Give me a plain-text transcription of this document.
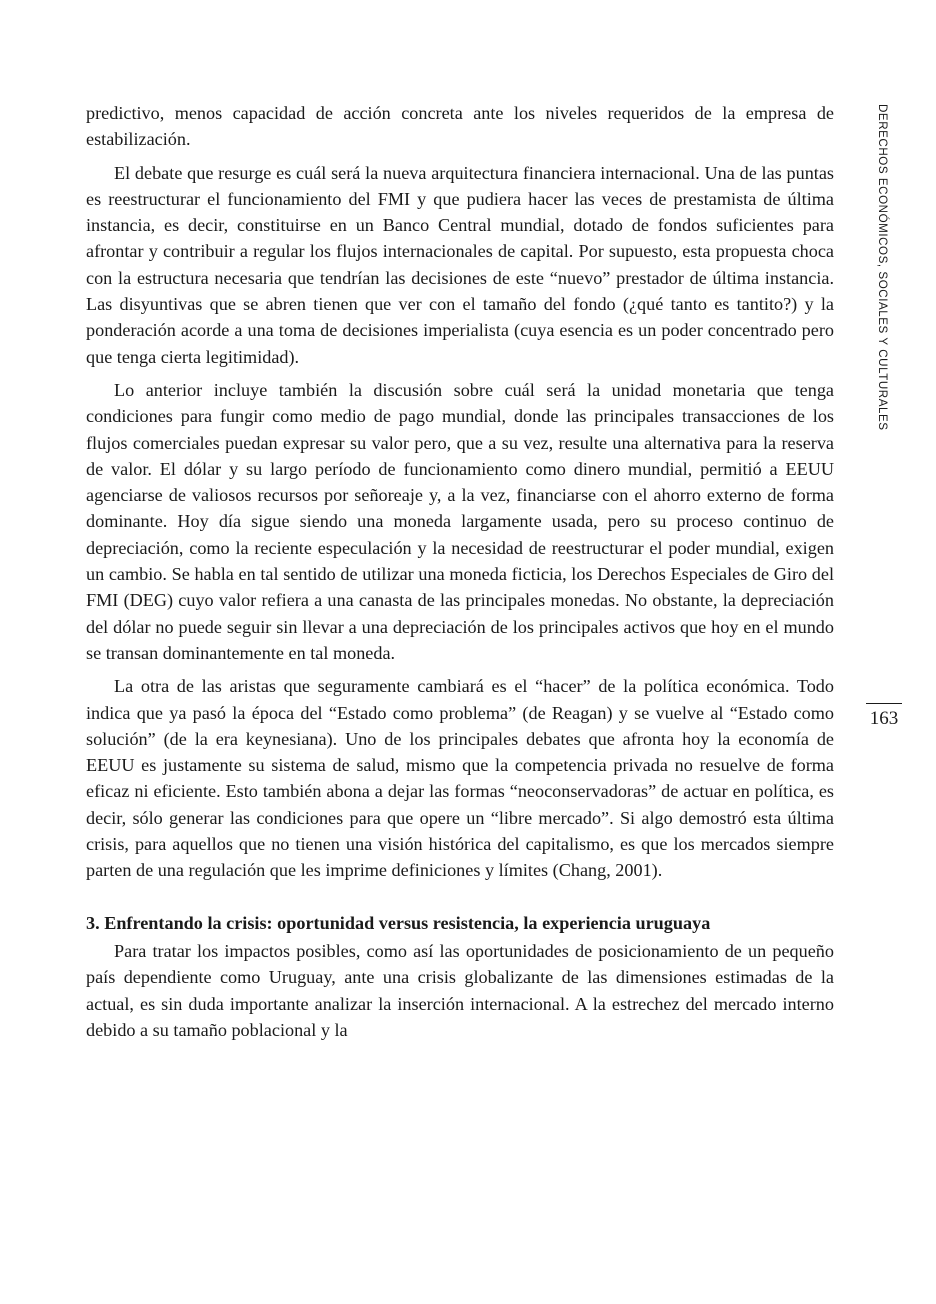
predictivo, menos capacidad de acción concreta ante los niveles requeridos de la empresa de estabilización.

El debate que resurge es cuál será la nueva arquitectura financiera internacional. Una de las puntas es reestructurar el funcionamiento del FMI y que pudiera hacer las veces de prestamista de última instancia, es decir, constituirse en un Banco Central mundial, dotado de fondos suficientes para afrontar y contribuir a regular los flujos internacionales de capital. Por supuesto, esta propuesta choca con la estructura necesaria que tendrían las decisiones de este “nuevo” prestador de última instancia. Las disyuntivas que se abren tienen que ver con el tamaño del fondo (¿qué tanto es tantito?) y la ponderación acorde a una toma de decisiones imperialista (cuya esencia es un poder concentrado pero que tenga cierta legitimidad).

Lo anterior incluye también la discusión sobre cuál será la unidad monetaria que tenga condiciones para fungir como medio de pago mundial, donde las principales transacciones de los flujos comerciales puedan expresar su valor pero, que a su vez, resulte una alternativa para la reserva de valor. El dólar y su largo período de funcionamiento como dinero mundial, permitió a EEUU agenciarse de valiosos recursos por señoreaje y, a la vez, financiarse con el ahorro externo de forma dominante. Hoy día sigue siendo una moneda largamente usada, pero su proceso continuo de depreciación, como la reciente especulación y la necesidad de reestructurar el poder mundial, exigen un cambio. Se habla en tal sentido de utilizar una moneda ficticia, los Derechos Especiales de Giro del FMI (DEG) cuyo valor refiera a una canasta de las principales monedas. No obstante, la depreciación del dólar no puede seguir sin llevar a una depreciación de los principales activos que hoy en el mundo se transan dominantemente en tal moneda.

La otra de las aristas que seguramente cambiará es el “hacer” de la política económica. Todo indica que ya pasó la época del “Estado como problema” (de Reagan) y se vuelve al “Estado como solución” (de la era keynesiana). Uno de los principales debates que afronta hoy la economía de EEUU es justamente su sistema de salud, mismo que la competencia privada no resuelve de forma eficaz ni eficiente. Esto también abona a dejar las formas “neoconservadoras” de actuar en política, es decir, sólo generar las condiciones para que opere un “libre mercado”. Si algo demostró esta última crisis, para aquellos que no tienen una visión histórica del capitalismo, es que los mercados siempre parten de una regulación que les imprime definiciones y límites (Chang, 2001).

3. Enfrentando la crisis: oportunidad versus resistencia, la experiencia uruguaya

Para tratar los impactos posibles, como así las oportunidades de posicionamiento de un pequeño país dependiente como Uruguay, ante una crisis globalizante de las dimensiones estimadas de la actual, es sin duda importante analizar la inserción internacional. A la estrechez del mercado interno debido a su tamaño poblacional y la

DERECHOS ECONÓMICOS, SOCIALES Y CULTURALES
163
